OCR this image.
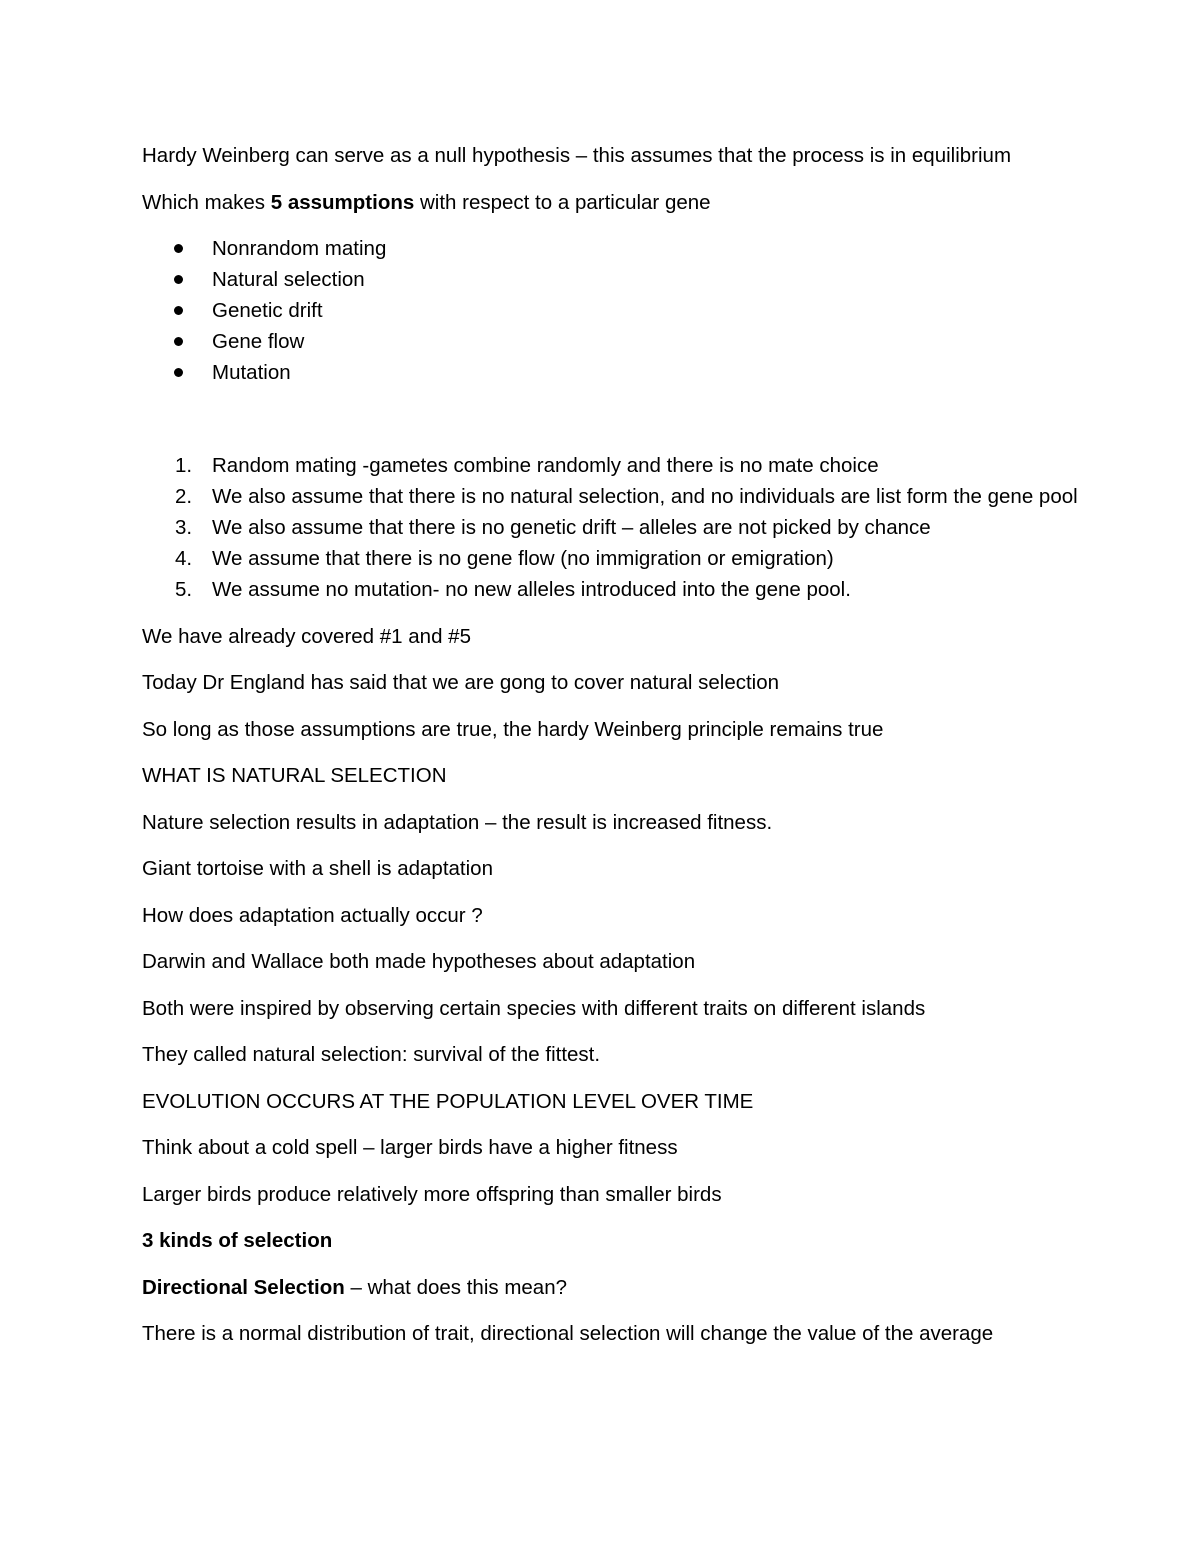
Hardy Weinberg can serve as a null hypothesis – this assumes that the process is in equilibrium

Which makes 5 assumptions with respect to a particular gene

Nonrandom mating
Natural selection
Genetic drift
Gene flow
Mutation
1. Random mating -gametes combine randomly and there is no mate choice
2. We also assume that there is no natural selection, and no individuals are list form the gene pool
3. We also assume that there is no genetic drift – alleles are not picked by chance
4. We assume that there is no gene flow (no immigration or emigration)
5. We assume no mutation- no new alleles introduced into the gene pool.

We have already covered #1 and #5

Today Dr England has said that we are gong to cover natural selection

So long as those assumptions are true, the hardy Weinberg principle remains true

WHAT IS NATURAL SELECTION

Nature selection results in adaptation – the result is increased fitness.

Giant tortoise with a shell is adaptation

How does adaptation actually occur ?

Darwin and Wallace both made hypotheses about adaptation

Both were inspired by observing certain species with different traits on different islands

They called natural selection: survival of the fittest.

EVOLUTION OCCURS AT THE POPULATION LEVEL OVER TIME

Think about a cold spell – larger birds have a higher fitness

Larger birds produce relatively more offspring than smaller birds

3 kinds of selection

Directional Selection – what does this mean?

There is a normal distribution of trait, directional selection will change the value of the average
